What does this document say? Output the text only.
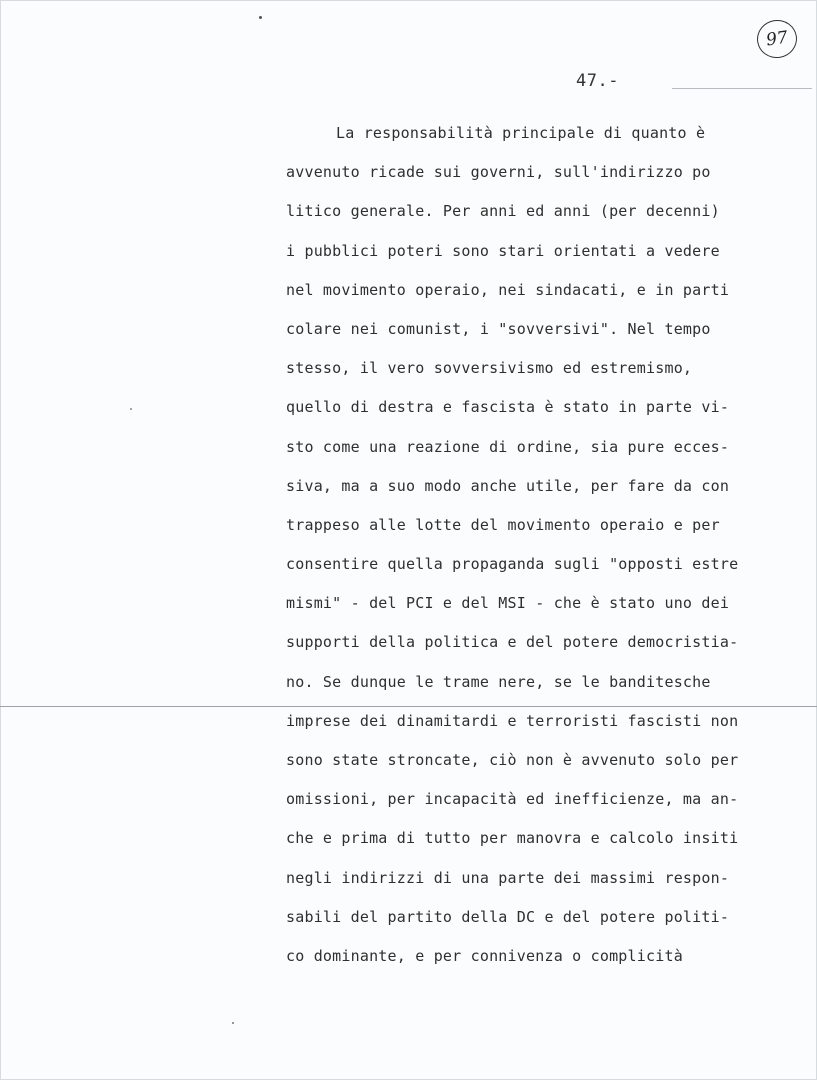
97
47.-
La responsabilità principale di quanto è
avvenuto ricade sui governi, sull'indirizzo po
litico generale. Per anni ed anni (per decenni)
i pubblici poteri sono stari orientati a vedere
nel movimento operaio, nei sindacati, e in parti
colare nei comunist, i "sovversivi". Nel tempo
stesso, il vero sovversivismo ed estremismo,
quello di destra e fascista è stato in parte vi-
sto come una reazione di ordine, sia pure ecces-
siva, ma a suo modo anche utile, per fare da con
trappeso alle lotte del movimento operaio e per
consentire quella propaganda sugli "opposti estre
mismi" - del PCI e del MSI - che è stato uno dei
supporti della politica e del potere democristia-
no. Se dunque le trame nere, se le banditesche
imprese dei dinamitardi e terroristi fascisti non
sono state stroncate, ciò non è avvenuto solo per
omissioni, per incapacità ed inefficienze, ma an-
che e prima di tutto per manovra e calcolo insiti
negli indirizzi di una parte dei massimi respon-
sabili del partito della DC e del potere politi-
co dominante, e per connivenza o complicità
